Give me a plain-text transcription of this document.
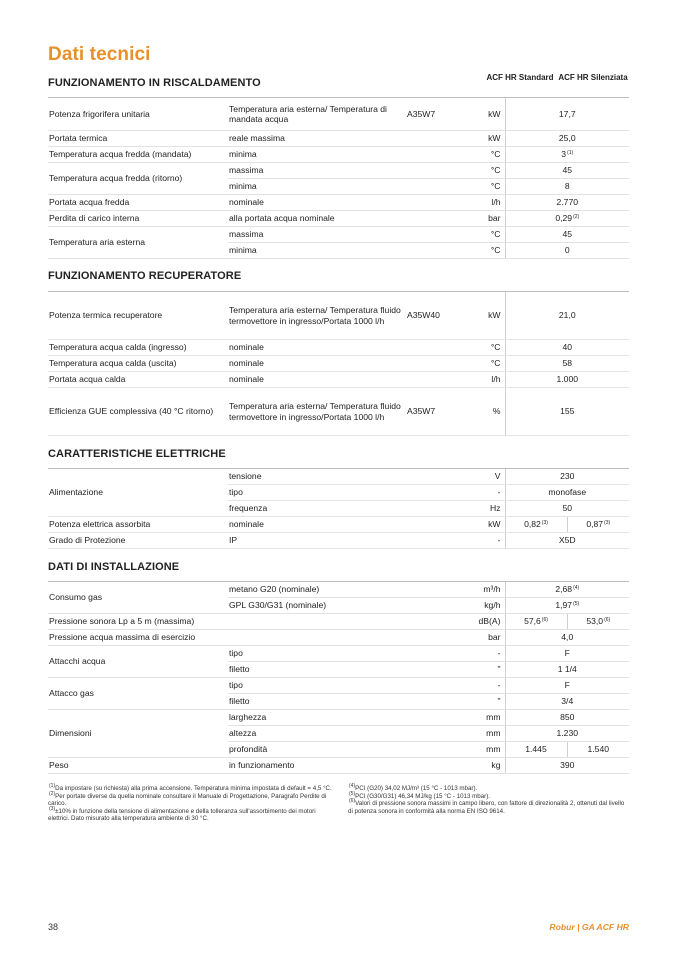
Dati tecnici
ACF HR Standard ACF HR Silenziata
FUNZIONAMENTO IN RISCALDAMENTO
Potenza frigorifera unitaria	Temperatura aria esterna/ Temperatura di mandata acqua	A35W7	kW	17,7
Portata termica	reale massima		kW	25,0
Temperatura acqua fredda (mandata)	minima		°C	3$^{(1)}$
Temperatura acqua fredda (ritorno)	massima		°C	45
	minima		°C	8
Portata acqua fredda	nominale		l/h	2.770
Perdita di carico interna	alla portata acqua nominale		bar	0,29$^{(2)}$
Temperatura aria esterna	massima		°C	45
	minima		°C	0
FUNZIONAMENTO RECUPERATORE
Potenza termica recuperatore	Temperatura aria esterna/ Temperatura fluido termovettore in ingresso/Portata 1000 l/h	A35W40	kW	21,0
Temperatura acqua calda (ingresso)	nominale		°C	40
Temperatura acqua calda (uscita)	nominale		°C	58
Portata acqua calda	nominale		l/h	1.000
Efficienza GUE complessiva (40 °C ritorno)	Temperatura aria esterna/ Temperatura fluido termovettore in ingresso/Portata 1000 l/h	A35W7	%	155
CARATTERISTICHE ELETTRICHE
Alimentazione	tensione		V	230	
	tipo		-	monofase	
	frequenza		Hz	50	
Potenza elettrica assorbita	nominale		kW	0,82$^{(3)}$	0,87$^{(3)}$
Grado di Protezione	IP		-	X5D	
DATI DI INSTALLAZIONE
Consumo gas	metano G20 (nominale)		m³/h	2,68$^{(4)}$
	GPL G30/G31 (nominale)		kg/h	1,97$^{(5)}$
Pressione sonora Lp a 5 m (massima)			dB(A)	57,6$^{(6)}$	53,0$^{(6)}$
Pressione acqua massima di esercizio			bar	4,0	
Attacchi acqua	tipo		-	F	
	filetto		"	1 1/4	
Attacco gas	tipo		-	F	
	filetto		"	3/4	
Dimensioni	larghezza		mm	850	
	altezza		mm	1.230	
	profondità		mm	1.445	1.540
Peso	in funzionamento		kg	390	
$^{(1)}$Da impostare (su richiesta) alla prima accensione. Temperatura minima impostata di default = 4,5 °C.
$^{(2)}$Per portate diverse da quella nominale consultare il Manuale di Progettazione, Paragrafo Perdite di carico.
$^{(3)}$±10% in funzione della tensione di alimentazione e della tolleranza sull'assorbimento dei motori elettrici. Dato misurato alla temperatura ambiente di 30 °C.
$^{(4)}$PCI (G20) 34,02 MJ/m³ (15 °C - 1013 mbar).
$^{(5)}$PCI (G30/G31) 46,34 MJ/kg (15 °C - 1013 mbar).
$^{(6)}$Valori di pressione sonora massimi in campo libero, con fattore di direzionalità 2, ottenuti dal livello di potenza sonora in conformità alla norma EN ISO 9614.
38	Robur | GA ACF HR
